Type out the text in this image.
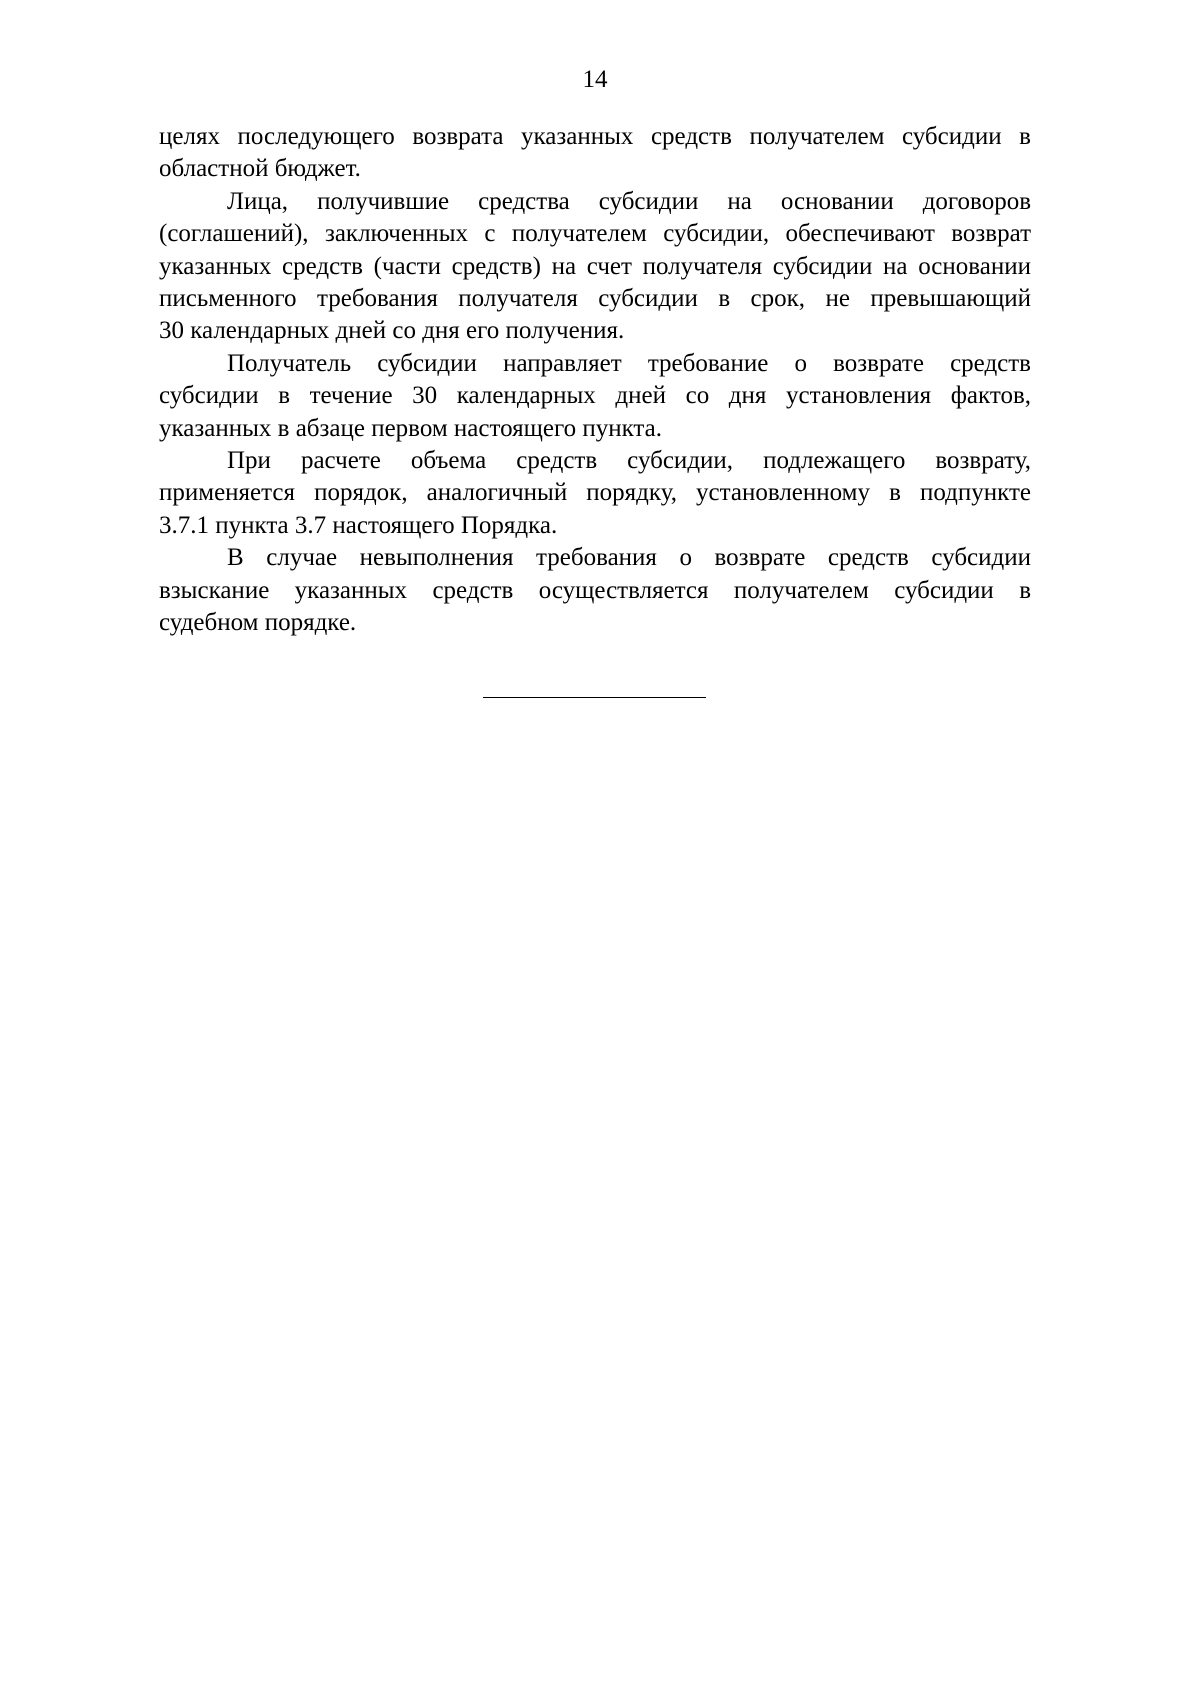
14
целях последующего возврата указанных средств получателем субсидии в
областной бюджет.
Лица, получившие средства субсидии на основании договоров
(соглашений), заключенных с получателем субсидии, обеспечивают возврат
указанных средств (части средств) на счет получателя субсидии на основании
письменного требования получателя субсидии в срок, не превышающий
30 календарных дней со дня его получения.
Получатель субсидии направляет требование о возврате средств
субсидии в течение 30 календарных дней со дня установления фактов,
указанных в абзаце первом настоящего пункта.
При расчете объема средств субсидии, подлежащего возврату,
применяется порядок, аналогичный порядку, установленному в подпункте
3.7.1 пункта 3.7 настоящего Порядка.
В случае невыполнения требования о возврате средств субсидии
взыскание указанных средств осуществляется получателем субсидии в
судебном порядке.
